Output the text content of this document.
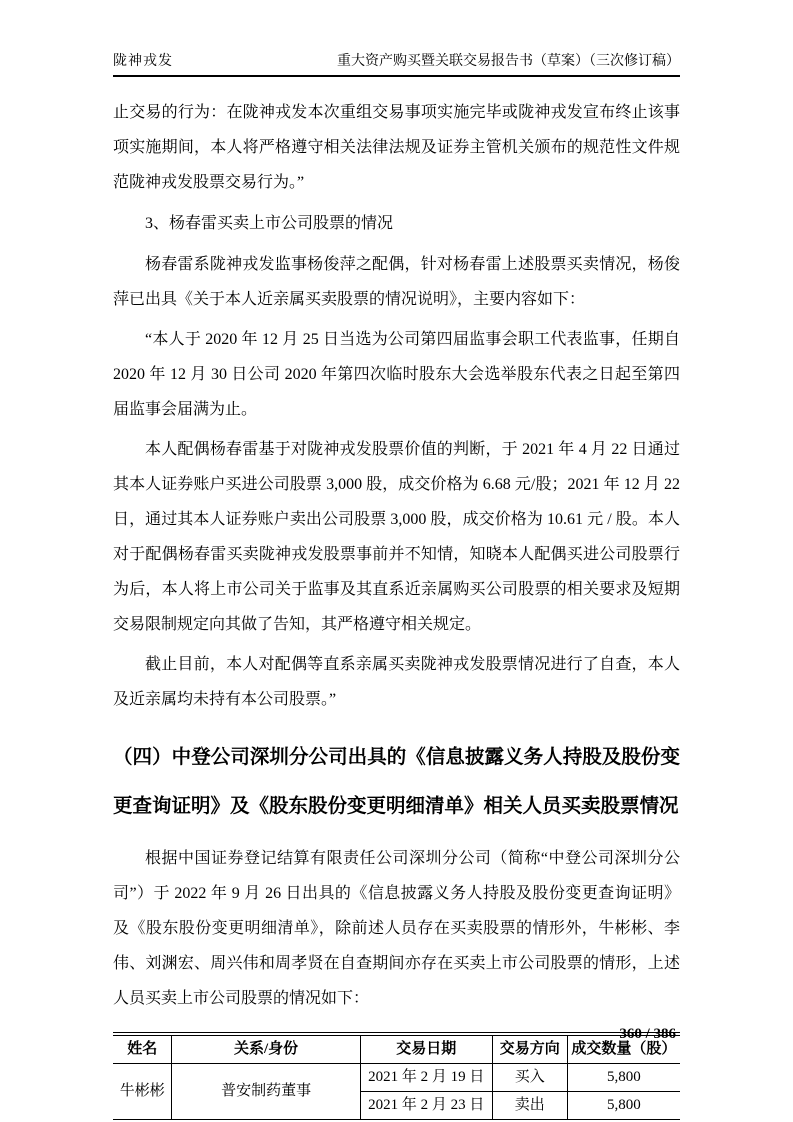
陇神戎发	重大资产购买暨关联交易报告书（草案）（三次修订稿）

止交易的行为：在陇神戎发本次重组交易事项实施完毕或陇神戎发宣布终止该事项实施期间，本人将严格遵守相关法律法规及证券主管机关颁布的规范性文件规范陇神戎发股票交易行为。”

3、杨春雷买卖上市公司股票的情况

杨春雷系陇神戎发监事杨俊萍之配偶，针对杨春雷上述股票买卖情况，杨俊萍已出具《关于本人近亲属买卖股票的情况说明》，主要内容如下：

“本人于 2020 年 12 月 25 日当选为公司第四届监事会职工代表监事，任期自 2020 年 12 月 30 日公司 2020 年第四次临时股东大会选举股东代表之日起至第四届监事会届满为止。

本人配偶杨春雷基于对陇神戎发股票价值的判断，于 2021 年 4 月 22 日通过其本人证券账户买进公司股票 3,000 股，成交价格为 6.68 元/股；2021 年 12 月 22 日，通过其本人证券账户卖出公司股票 3,000 股，成交价格为 10.61 元 / 股。本人对于配偶杨春雷买卖陇神戎发股票事前并不知情，知晓本人配偶买进公司股票行为后，本人将上市公司关于监事及其直系近亲属购买公司股票的相关要求及短期交易限制规定向其做了告知，其严格遵守相关规定。

截止目前，本人对配偶等直系亲属买卖陇神戎发股票情况进行了自查，本人及近亲属均未持有本公司股票。”

（四）中登公司深圳分公司出具的《信息披露义务人持股及股份变更查询证明》及《股东股份变更明细清单》相关人员买卖股票情况

根据中国证券登记结算有限责任公司深圳分公司（简称“中登公司深圳分公司”）于 2022 年 9 月 26 日出具的《信息披露义务人持股及股份变更查询证明》及《股东股份变更明细清单》，除前述人员存在买卖股票的情形外，牛彬彬、李伟、刘渊宏、周兴伟和周孝贤在自查期间亦存在买卖上市公司股票的情形，上述人员买卖上市公司股票的情况如下：

姓名	关系/身份	交易日期	交易方向	成交数量（股）
牛彬彬	普安制药董事	2021 年 2 月 19 日	买入	5,800
		2021 年 2 月 23 日	卖出	5,800
360 / 386
